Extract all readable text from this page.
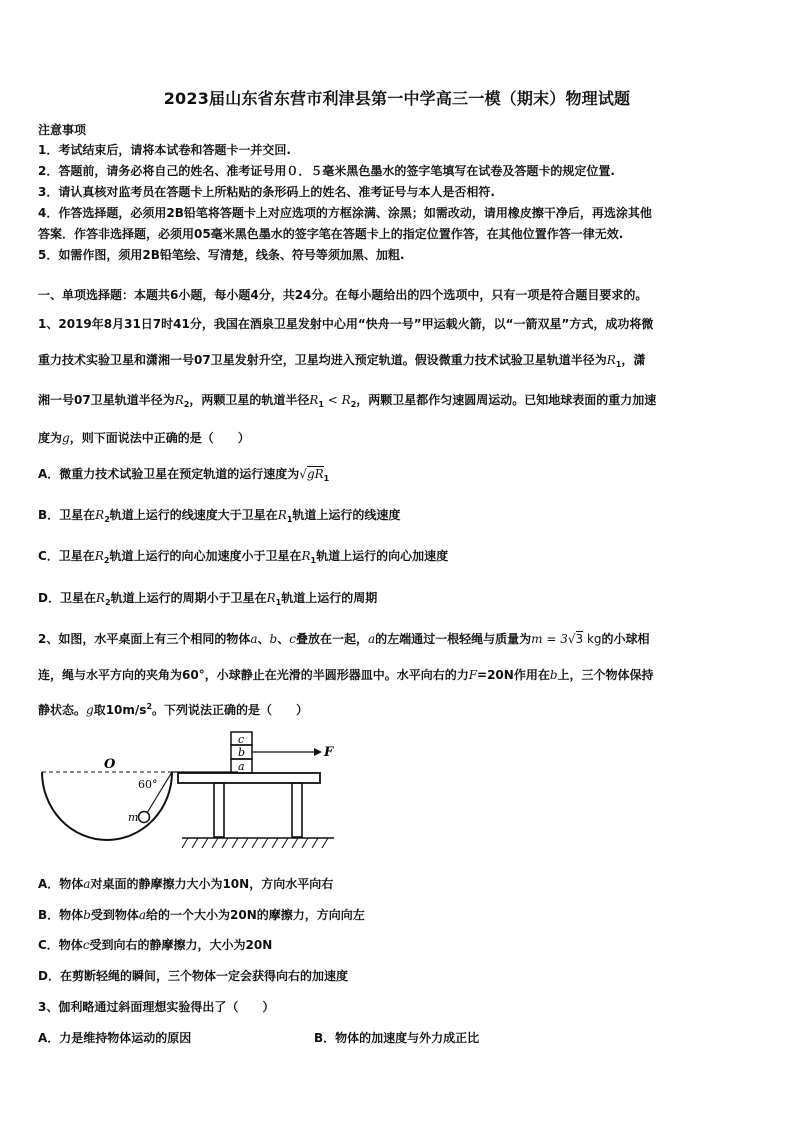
2023届山东省东营市利津县第一中学高三一模（期末）物理试题
注意事项
1．考试结束后，请将本试卷和答题卡一并交回.
2．答题前，请务必将自己的姓名、准考证号用０．５毫米黑色墨水的签字笔填写在试卷及答题卡的规定位置.
3．请认真核对监考员在答题卡上所粘贴的条形码上的姓名、准考证号与本人是否相符.
4．作答选择题，必须用2B铅笔将答题卡上对应选项的方框涂满、涂黑；如需改动，请用橡皮擦干净后，再选涂其他
答案．作答非选择题，必须用05毫米黑色墨水的签字笔在答题卡上的指定位置作答，在其他位置作答一律无效.
5．如需作图，须用2B铅笔绘、写清楚，线条、符号等须加黑、加粗.
一、单项选择题：本题共6小题，每小题4分，共24分。在每小题给出的四个选项中，只有一项是符合题目要求的。
1、2019年8月31日7时41分，我国在酒泉卫星发射中心用“快舟一号”甲运载火箭，以“一箭双星”方式，成功将微
重力技术实验卫星和潇湘一号07卫星发射升空，卫星均进入预定轨道。假设微重力技术试验卫星轨道半径为$R_1$，潇
湘一号07卫星轨道半径为$R_2$，两颗卫星的轨道半径$R_1 < R_2$，两颗卫星都作匀速圆周运动。已知地球表面的重力加速
度为g，则下面说法中正确的是（　　）
A．微重力技术试验卫星在预定轨道的运行速度为$√gR_1$
B．卫星在$R_2$轨道上运行的线速度大于卫星在$R_1$轨道上运行的线速度
C．卫星在$R_2$轨道上运行的向心加速度小于卫星在$R_1$轨道上运行的向心加速度
D．卫星在$R_2$轨道上运行的周期小于卫星在$R_1$轨道上运行的周期
2、如图，水平桌面上有三个相同的物体a、b、c叠放在一起，a的左端通过一根轻绳与质量为m = 3√3 kg的小球相
连，绳与水平方向的夹角为60°，小球静止在光滑的半圆形器皿中。水平向右的力F=20N作用在b上，三个物体保持
静状态。g取$10m/s^2$。下列说法正确的是（　　）
O
60°
m
F
a
b
c
A．物体a对桌面的静摩擦力大小为10N，方向水平向右
B．物体b受到物体a给的一个大小为20N的摩擦力，方向向左
C．物体c受到向右的静摩擦力，大小为20N
D．在剪断轻绳的瞬间，三个物体一定会获得向右的加速度
3、伽利略通过斜面理想实验得出了（　　）
A．力是维持物体运动的原因	B．物体的加速度与外力成正比
